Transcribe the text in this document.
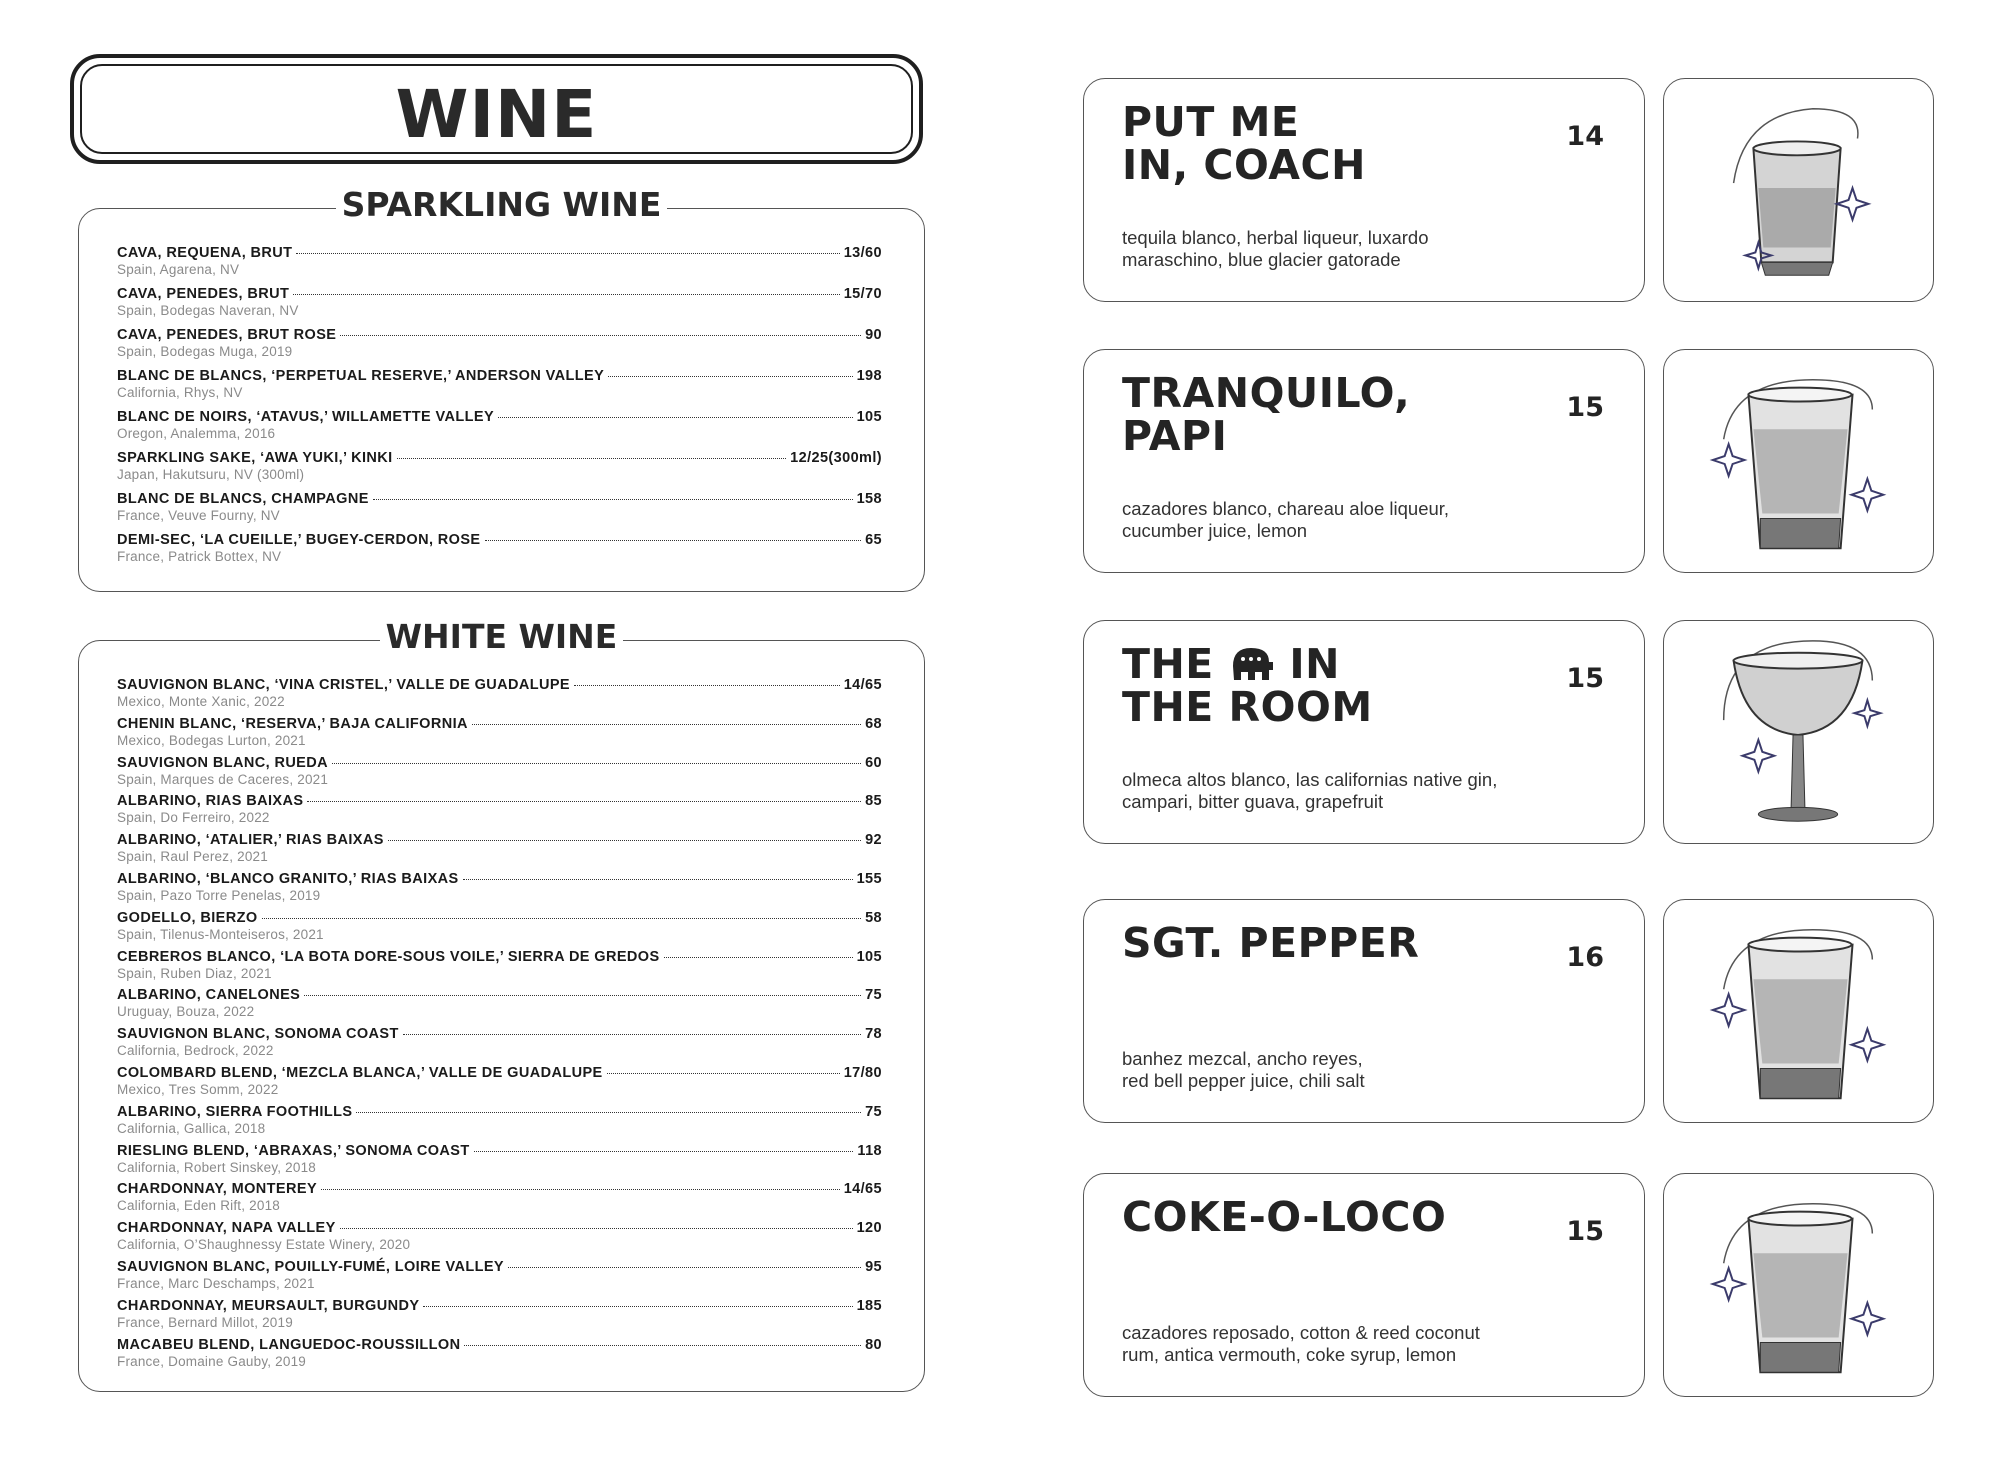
WINE
SPARKLING WINE
CAVA, REQUENA, BRUT	13/60
Spain, Agarena, NV
CAVA, PENEDES, BRUT	15/70
Spain, Bodegas Naveran, NV
CAVA, PENEDES, BRUT ROSE	90
Spain, Bodegas Muga, 2019
BLANC DE BLANCS, ‘PERPETUAL RESERVE,’ ANDERSON VALLEY	198
California, Rhys, NV
BLANC DE NOIRS, ‘ATAVUS,’ WILLAMETTE VALLEY	105
Oregon, Analemma, 2016
SPARKLING SAKE, ‘AWA YUKI,’ KINKI	12/25(300ml)
Japan, Hakutsuru, NV (300ml)
BLANC DE BLANCS, CHAMPAGNE	158
France, Veuve Fourny, NV
DEMI-SEC, ‘LA CUEILLE,’ BUGEY-CERDON, ROSE	65
France, Patrick Bottex, NV
WHITE WINE
SAUVIGNON BLANC, ‘VINA CRISTEL,’ VALLE DE GUADALUPE	14/65
Mexico, Monte Xanic, 2022
CHENIN BLANC, ‘RESERVA,’ BAJA CALIFORNIA	68
Mexico, Bodegas Lurton, 2021
SAUVIGNON BLANC, RUEDA	60
Spain, Marques de Caceres, 2021
ALBARINO, RIAS BAIXAS	85
Spain, Do Ferreiro, 2022
ALBARINO, ‘ATALIER,’ RIAS BAIXAS	92
Spain, Raul Perez, 2021
ALBARINO, ‘BLANCO GRANITO,’ RIAS BAIXAS	155
Spain, Pazo Torre Penelas, 2019
GODELLO, BIERZO	58
Spain, Tilenus-Monteiseros, 2021
CEBREROS BLANCO, ‘LA BOTA DORE-SOUS VOILE,’ SIERRA DE GREDOS	105
Spain, Ruben Diaz, 2021
ALBARINO, CANELONES	75
Uruguay, Bouza, 2022
SAUVIGNON BLANC, SONOMA COAST	78
California, Bedrock, 2022
COLOMBARD BLEND, ‘MEZCLA BLANCA,’ VALLE DE GUADALUPE	17/80
Mexico, Tres Somm, 2022
ALBARINO, SIERRA FOOTHILLS	75
California, Gallica, 2018
RIESLING BLEND, ‘ABRAXAS,’ SONOMA COAST	118
California, Robert Sinskey, 2018
CHARDONNAY, MONTEREY	14/65
California, Eden Rift, 2018
CHARDONNAY, NAPA VALLEY	120
California, O’Shaughnessy Estate Winery, 2020
SAUVIGNON BLANC, POUILLY-FUMÉ, LOIRE VALLEY	95
France, Marc Deschamps, 2021
CHARDONNAY, MEURSAULT, BURGUNDY	185
France, Bernard Millot, 2019
MACABEU BLEND, LANGUEDOC-ROUSSILLON	80
France, Domaine Gauby, 2019
PUT ME
IN, COACH
14
tequila blanco, herbal liqueur, luxardo
maraschino, blue glacier gatorade
TRANQUILO,
PAPI
15
cazadores blanco, chareau aloe liqueur,
cucumber juice, lemon
THE IN
THE ROOM
15
olmeca altos blanco, las californias native gin,
campari, bitter guava, grapefruit
SGT. PEPPER	16
banhez mezcal, ancho reyes,
red bell pepper juice, chili salt
COKE-O-LOCO	15
cazadores reposado, cotton & reed coconut
rum, antica vermouth, coke syrup, lemon
